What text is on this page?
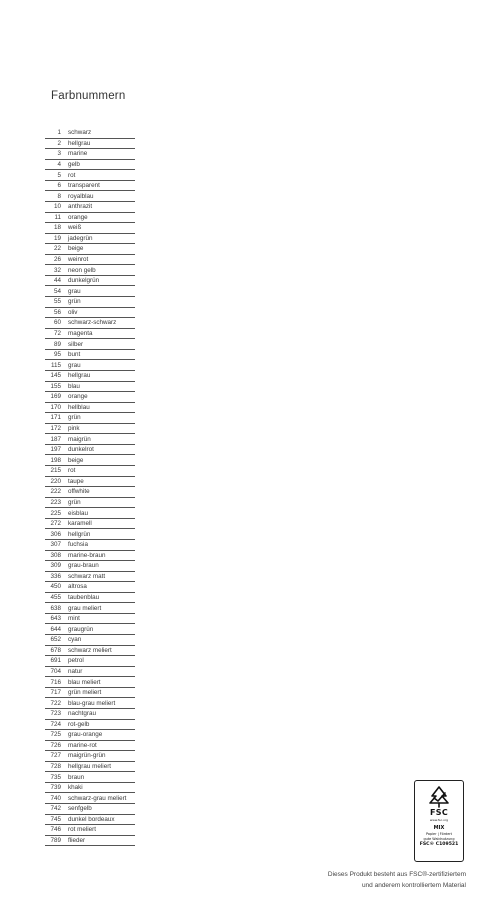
Farbnummern
1	schwarz
2	hellgrau
3	marine
4	gelb
5	rot
6	transparent
8	royalblau
10	anthrazit
11	orange
18	weiß
19	jadegrün
22	beige
26	weinrot
32	neon gelb
44	dunkelgrün
54	grau
55	grün
56	oliv
60	schwarz-schwarz
72	magenta
89	silber
95	bunt
115	grau
145	hellgrau
155	blau
169	orange
170	hellblau
171	grün
172	pink
187	maigrün
197	dunkelrot
198	beige
215	rot
220	taupe
222	offwhite
223	grün
225	eisblau
272	karamell
306	hellgrün
307	fuchsia
308	marine-braun
309	grau-braun
336	schwarz matt
450	altrosa
455	taubenblau
638	grau meliert
643	mint
644	graugrün
652	cyan
678	schwarz meliert
691	petrol
704	natur
716	blau meliert
717	grün meliert
722	blau-grau meliert
723	nachtgrau
724	rot-gelb
725	grau-orange
726	marine-rot
727	maigrün-grün
728	hellgrau meliert
735	braun
739	khaki
740	schwarz-grau meliert
742	senfgelb
745	dunkel bordeaux
746	rot meliert
789	flieder
FSC
www.fsc.org
MIX
Papier | Fördert
gute Waldnutzung
FSC® C109521
Dieses Produkt besteht aus FSC®-zertifiziertem
und anderem kontrolliertem Material
